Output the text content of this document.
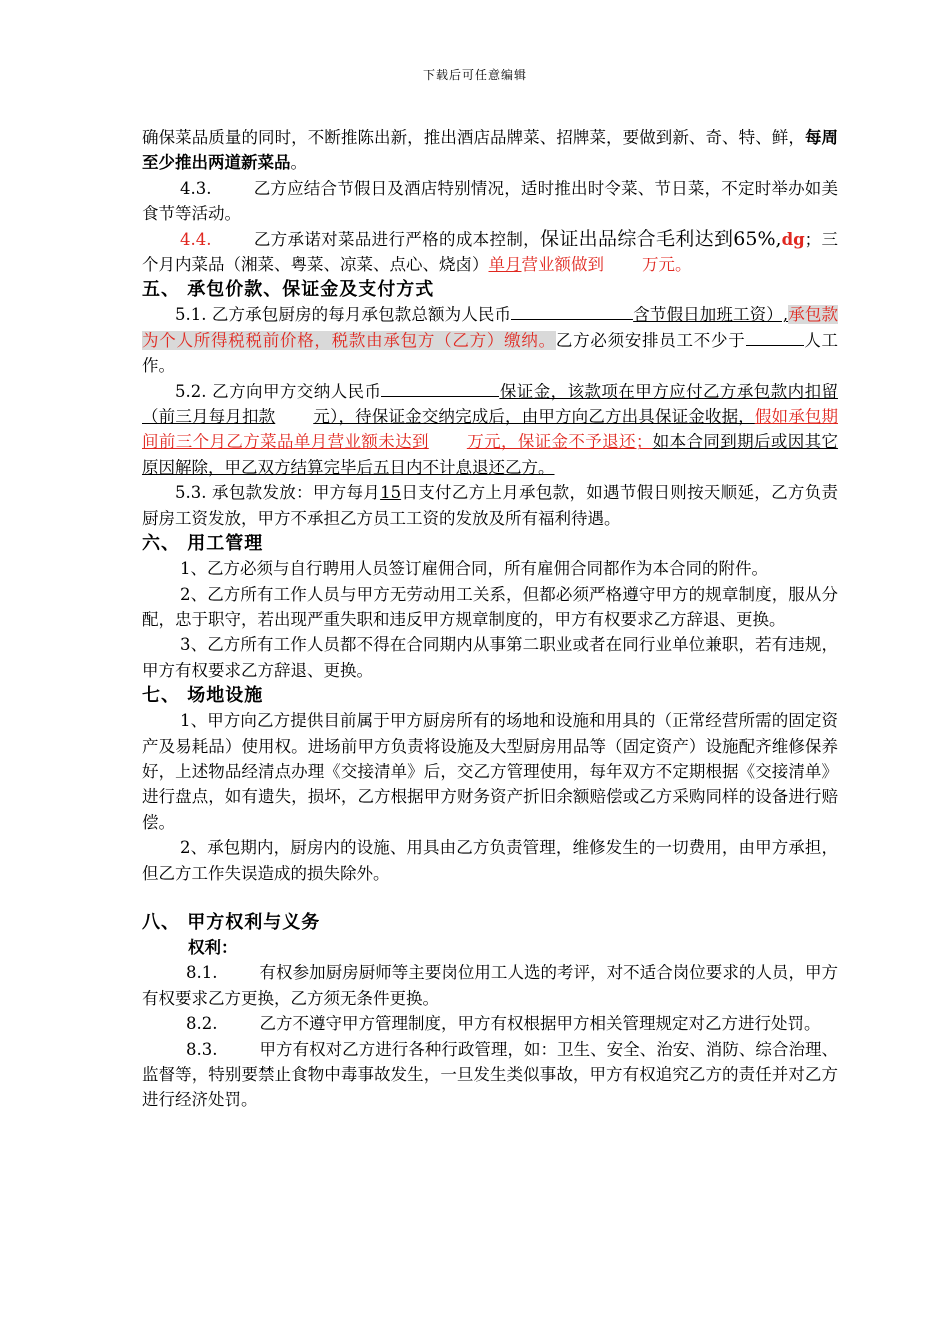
下载后可任意编辑

确保菜品质量的同时，不断推陈出新，推出酒店品牌菜、招牌菜，要做到新、奇、特、鲜，每周至少推出两道新菜品。

4.3.	乙方应结合节假日及酒店特别情况，适时推出时令菜、节日菜，不定时举办如美食节等活动。

4.4.	乙方承诺对菜品进行严格的成本控制，保证出品综合毛利达到65%,dg；三个月内菜品（湘菜、粤菜、凉菜、点心、烧卤）单月营业额做到 万元。

五、 承包价款、保证金及支付方式

5.1. 乙方承包厨房的每月承包款总额为人民币	含节假日加班工资）,承包款为个人所得税税前价格，税款由承包方（乙方）缴纳。乙方必须安排员工不少于	人工作。

5.2. 乙方向甲方交纳人民币	保证金，该款项在甲方应付乙方承包款内扣留（前三月每月扣款 元），待保证金交纳完成后，由甲方向乙方出具保证金收据，假如承包期间前三个月乙方菜品单月营业额未达到 万元，保证金不予退还；如本合同到期后或因其它原因解除，甲乙双方结算完毕后五日内不计息退还乙方。

5.3. 承包款发放：甲方每月15日支付乙方上月承包款，如遇节假日则按天顺延，乙方负责厨房工资发放，甲方不承担乙方员工工资的发放及所有福利待遇。

六、 用工管理

1、乙方必须与自行聘用人员签订雇佣合同，所有雇佣合同都作为本合同的附件。

2、乙方所有工作人员与甲方无劳动用工关系，但都必须严格遵守甲方的规章制度，服从分配，忠于职守，若出现严重失职和违反甲方规章制度的，甲方有权要求乙方辞退、更换。

3、乙方所有工作人员都不得在合同期内从事第二职业或者在同行业单位兼职，若有违规，甲方有权要求乙方辞退、更换。

七、 场地设施

1、甲方向乙方提供目前属于甲方厨房所有的场地和设施和用具的（正常经营所需的固定资产及易耗品）使用权。进场前甲方负责将设施及大型厨房用品等（固定资产）设施配齐维修保养好，上述物品经清点办理《交接清单》后，交乙方管理使用，每年双方不定期根据《交接清单》进行盘点，如有遗失，损坏，乙方根据甲方财务资产折旧余额赔偿或乙方采购同样的设备进行赔偿。

2、承包期内，厨房内的设施、用具由乙方负责管理，维修发生的一切费用，由甲方承担，但乙方工作失误造成的损失除外。

八、 甲方权利与义务

权利：

8.1.	有权参加厨房厨师等主要岗位用工人选的考评，对不适合岗位要求的人员，甲方有权要求乙方更换，乙方须无条件更换。

8.2.	乙方不遵守甲方管理制度，甲方有权根据甲方相关管理规定对乙方进行处罚。

8.3.	甲方有权对乙方进行各种行政管理，如：卫生、安全、治安、消防、综合治理、监督等，特别要禁止食物中毒事故发生，一旦发生类似事故，甲方有权追究乙方的责任并对乙方进行经济处罚。
